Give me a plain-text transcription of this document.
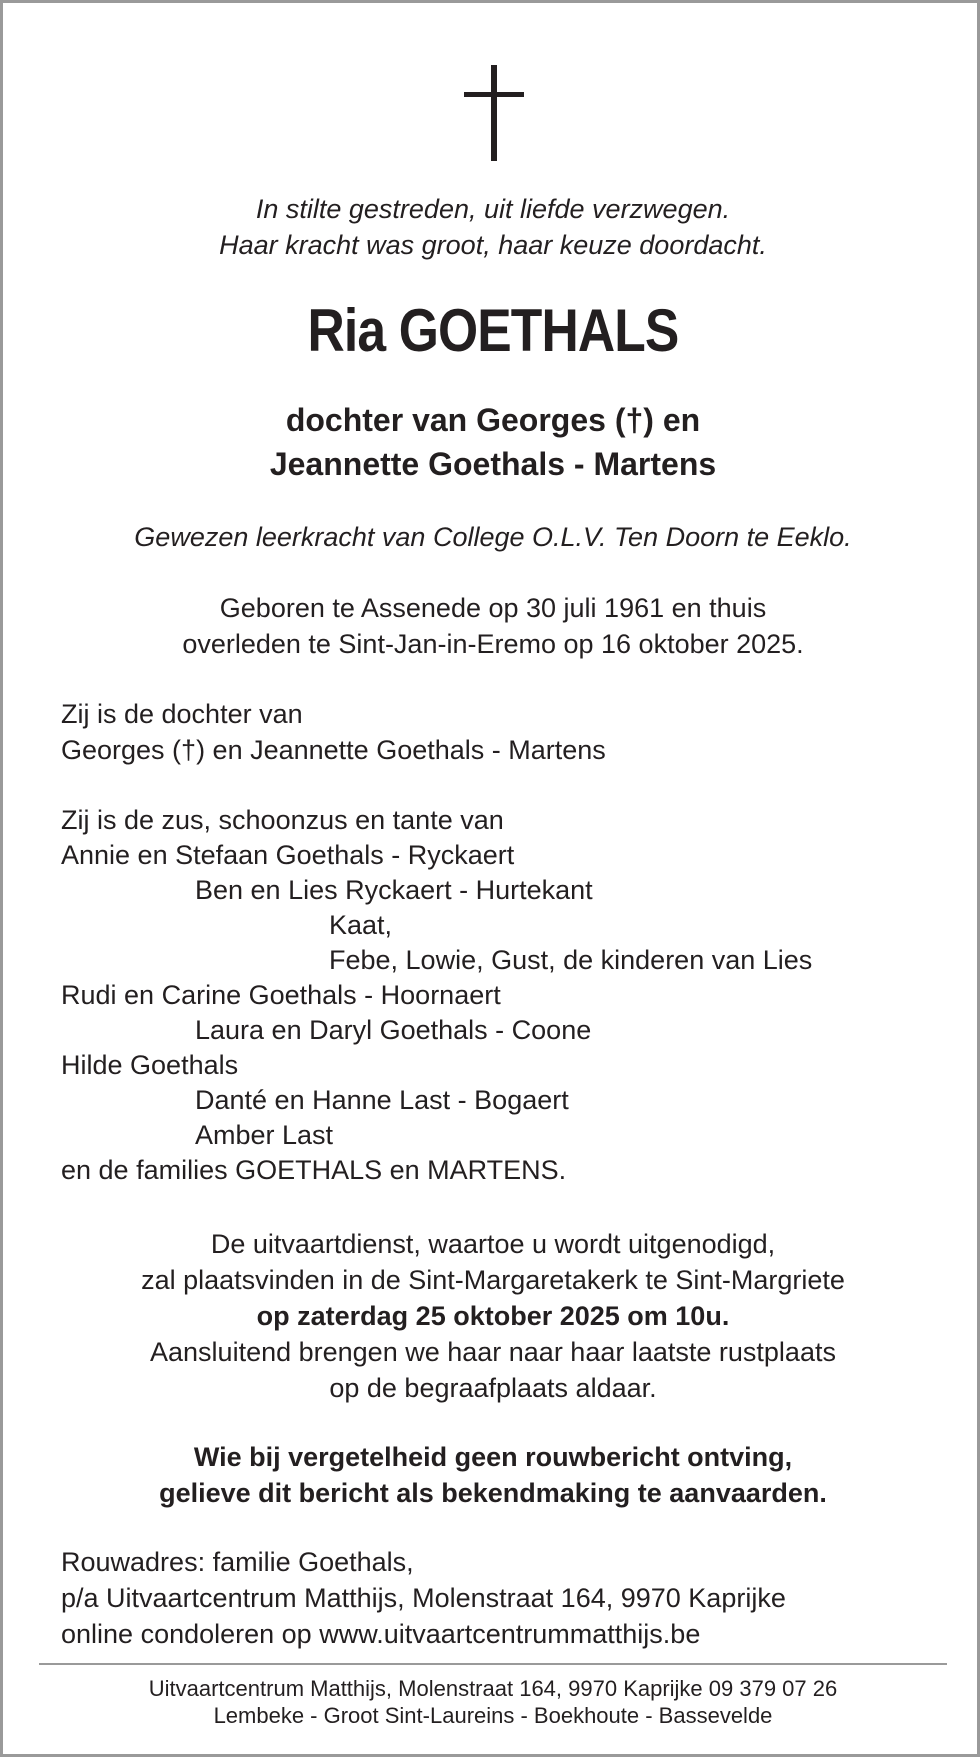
In stilte gestreden, uit liefde verzwegen.
Haar kracht was groot, haar keuze doordacht.
Ria GOETHALS
dochter van Georges (†) en
Jeannette Goethals - Martens
Gewezen leerkracht van College O.L.V. Ten Doorn te Eeklo.
Geboren te Assenede op 30 juli 1961 en thuis
overleden te Sint-Jan-in-Eremo op 16 oktober 2025.
Zij is de dochter van
Georges (†) en Jeannette Goethals - Martens
Zij is de zus, schoonzus en tante van
Annie en Stefaan Goethals - Ryckaert
Ben en Lies Ryckaert - Hurtekant
Kaat,
Febe, Lowie, Gust, de kinderen van Lies
Rudi en Carine Goethals - Hoornaert
Laura en Daryl Goethals - Coone
Hilde Goethals
Danté en Hanne Last - Bogaert
Amber Last
en de families GOETHALS en MARTENS.
De uitvaartdienst, waartoe u wordt uitgenodigd,
zal plaatsvinden in de Sint-Margaretakerk te Sint-Margriete
op zaterdag 25 oktober 2025 om 10u.
Aansluitend brengen we haar naar haar laatste rustplaats
op de begraafplaats aldaar.
Wie bij vergetelheid geen rouwbericht ontving,
gelieve dit bericht als bekendmaking te aanvaarden.
Rouwadres: familie Goethals,
p/a Uitvaartcentrum Matthijs, Molenstraat 164, 9970 Kaprijke
online condoleren op www.uitvaartcentrummatthijs.be
Uitvaartcentrum Matthijs, Molenstraat 164, 9970 Kaprijke 09 379 07 26
Lembeke - Groot Sint-Laureins - Boekhoute - Bassevelde
